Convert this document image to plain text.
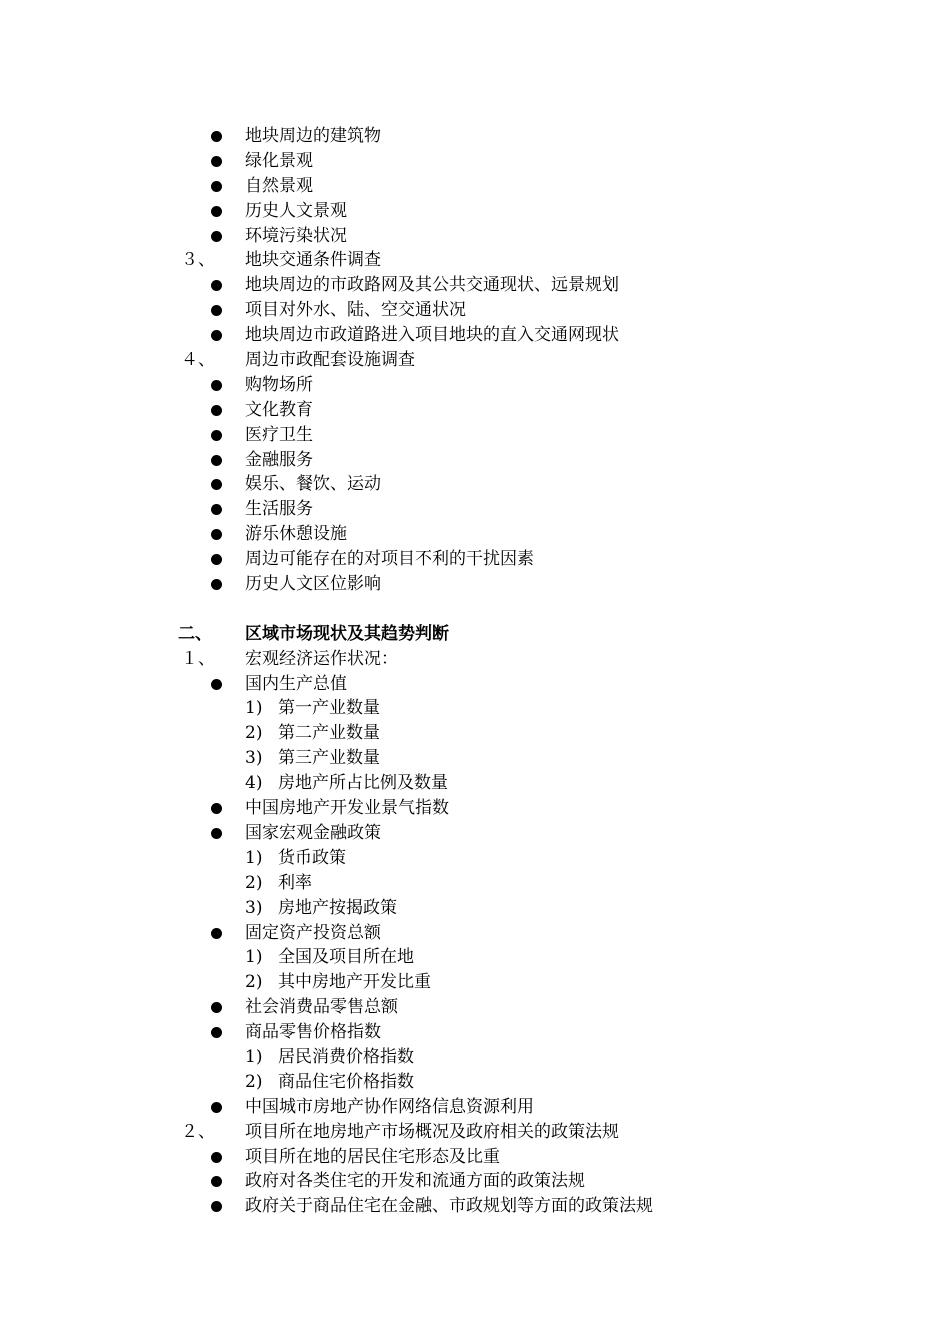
地块周边的建筑物
绿化景观
自然景观
历史人文景观
环境污染状况
３、 地块交通条件调查
地块周边的市政路网及其公共交通现状、远景规划
项目对外水、陆、空交通状况
地块周边市政道路进入项目地块的直入交通网现状
４、 周边市政配套设施调查
购物场所
文化教育
医疗卫生
金融服务
娱乐、餐饮、运动
生活服务
游乐休憩设施
周边可能存在的对项目不利的干扰因素
历史人文区位影响
二、 区域市场现状及其趋势判断
１、 宏观经济运作状况：
国内生产总值
1) 第一产业数量
2) 第二产业数量
3) 第三产业数量
4) 房地产所占比例及数量
中国房地产开发业景气指数
国家宏观金融政策
1) 货币政策
2) 利率
3) 房地产按揭政策
固定资产投资总额
1) 全国及项目所在地
2) 其中房地产开发比重
社会消费品零售总额
商品零售价格指数
1) 居民消费价格指数
2) 商品住宅价格指数
中国城市房地产协作网络信息资源利用
２、 项目所在地房地产市场概况及政府相关的政策法规
项目所在地的居民住宅形态及比重
政府对各类住宅的开发和流通方面的政策法规
政府关于商品住宅在金融、市政规划等方面的政策法规
